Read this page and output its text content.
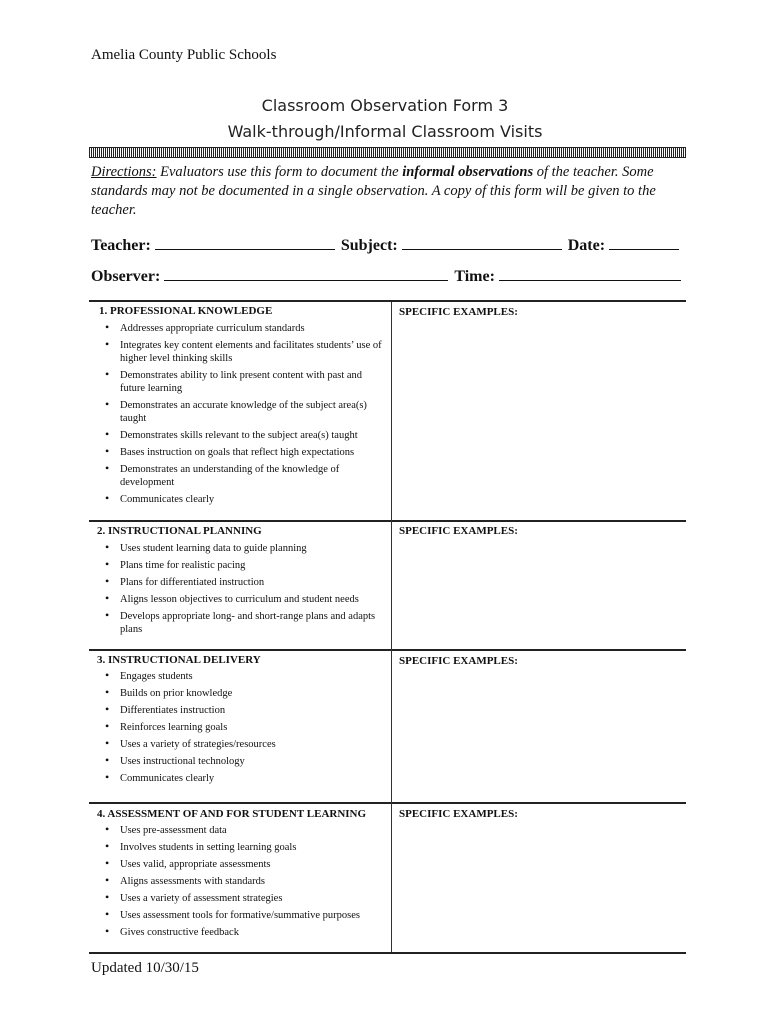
Amelia County Public Schools
Classroom Observation Form 3
Walk-through/Informal Classroom Visits
Directions: Evaluators use this form to document the informal observations of the teacher. Some standards may not be documented in a single observation. A copy of this form will be given to the teacher.
Teacher:	Subject:	Date:
Observer:	Time:
1. PROFESSIONAL KNOWLEDGE	SPECIFIC EXAMPLES:
• Addresses appropriate curriculum standards
• Integrates key content elements and facilitates students’ use of higher level thinking skills
• Demonstrates ability to link present content with past and future learning
• Demonstrates an accurate knowledge of the subject area(s) taught
• Demonstrates skills relevant to the subject area(s) taught
• Bases instruction on goals that reflect high expectations
• Demonstrates an understanding of the knowledge of development
• Communicates clearly
2. INSTRUCTIONAL PLANNING	SPECIFIC EXAMPLES:
• Uses student learning data to guide planning
• Plans time for realistic pacing
• Plans for differentiated instruction
• Aligns lesson objectives to curriculum and student needs
• Develops appropriate long- and short-range plans and adapts plans
3. INSTRUCTIONAL DELIVERY	SPECIFIC EXAMPLES:
• Engages students
• Builds on prior knowledge
• Differentiates instruction
• Reinforces learning goals
• Uses a variety of strategies/resources
• Uses instructional technology
• Communicates clearly
4. ASSESSMENT OF AND FOR STUDENT LEARNING	SPECIFIC EXAMPLES:
• Uses pre-assessment data
• Involves students in setting learning goals
• Uses valid, appropriate assessments
• Aligns assessments with standards
• Uses a variety of assessment strategies
• Uses assessment tools for formative/summative purposes
• Gives constructive feedback
Updated 10/30/15
